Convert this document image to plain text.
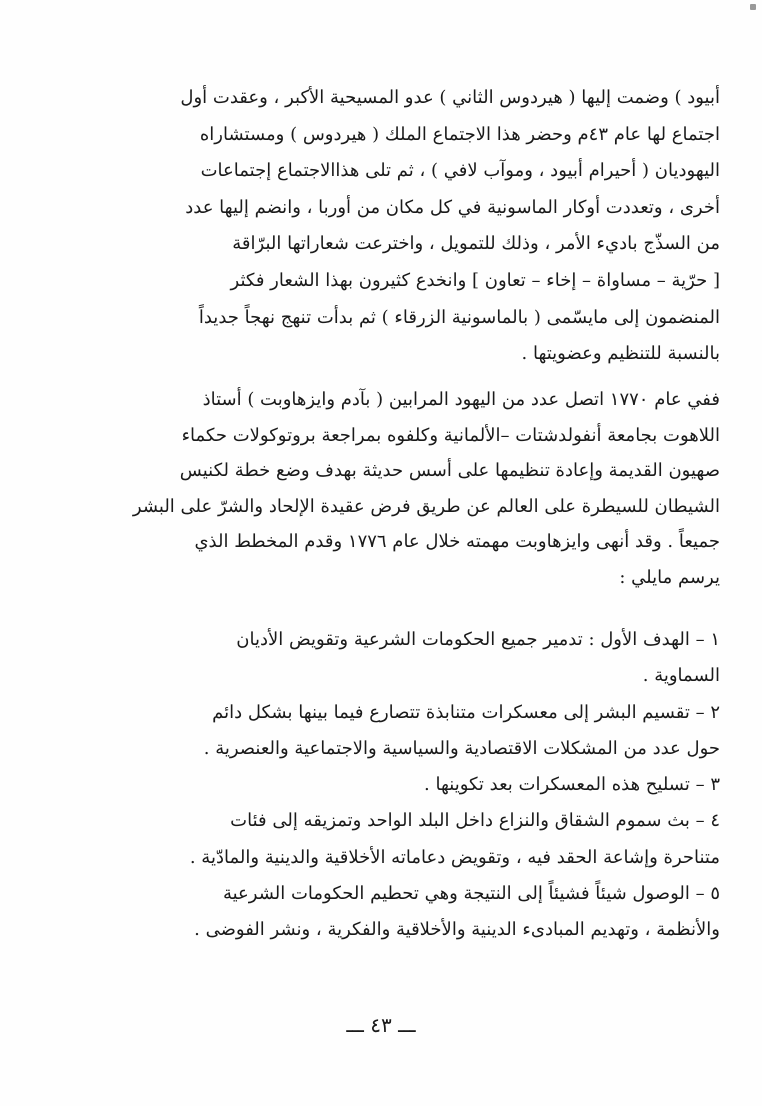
أبيود ) وضمت إليها ( هيردوس الثاني ) عدو المسيحية الأكبر ، وعقدت أول
اجتماع لها عام ٤٣م وحضر هذا الاجتماع الملك ( هيردوس ) ومستشاراه
اليهوديان ( أحيرام أبيود ، وموآب لافي ) ، ثم تلى هذاالاجتماع إجتماعات
أخرى ، وتعددت أوكار الماسونية في كل مكان من أوربا ، وانضم إليها عدد
من السذّج باديء الأمر ، وذلك للتمويل ، واخترعت شعاراتها البرّاقة
[ حرّية – مساواة – إخاء – تعاون ] وانخدع كثيرون بهذا الشعار فكثر
المنضمون إلى مايسّمى ( بالماسونية الزرقاء ) ثم بدأت تنهج نهجاً جديداً
بالنسبة للتنظيم وعضويتها .
ففي عام ١٧٧٠ اتصل عدد من اليهود المرابين ( بآدم وايزهاوبت ) أستاذ
اللاهوت بجامعة أنفولدشتات –الألمانية وكلفوه بمراجعة بروتوكولات حكماء
صهيون القديمة وإعادة تنظيمها على أسس حديثة بهدف وضع خطة لكنيس
الشيطان للسيطرة على العالم عن طريق فرض عقيدة الإلحاد والشرّ على البشر
جميعاً . وقد أنهى وايزهاوبت مهمته خلال عام ١٧٧٦ وقدم المخطط الذي
يرسم مايلي :
١ – الهدف الأول : تدمير جميع الحكومات الشرعية وتقويض الأديان
السماوية .
٢ – تقسيم البشر إلى معسكرات متنابذة تتصارع فيما بينها بشكل دائم
حول عدد من المشكلات الاقتصادية والسياسية والاجتماعية والعنصرية .
٣ – تسليح هذه المعسكرات بعد تكوينها .
٤ – بث سموم الشقاق والنزاع داخل البلد الواحد وتمزيقه إلى فئات
متناحرة وإشاعة الحقد فيه ، وتقويض دعاماته الأخلاقية والدينية والمادّية .
٥ – الوصول شيئاً فشيئاً إلى النتيجة وهي تحطيم الحكومات الشرعية
والأنظمة ، وتهديم المبادىء الدينية والأخلاقية والفكرية ، ونشر الفوضى .
ـــ ٤٣ ـــ
